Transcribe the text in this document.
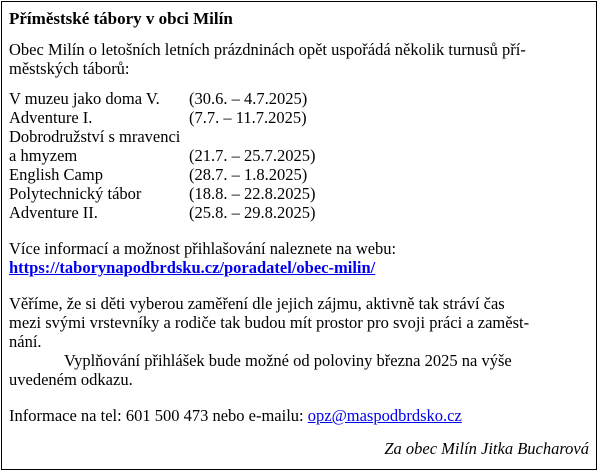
Příměstské tábory v obci Milín
Obec Milín o letošních letních prázdninách opět uspořádá několik turnusů pří-
městských táborů:
V muzeu jako doma V.	(30.6. – 4.7.2025)
Adventure I.	(7.7. – 11.7.2025)
Dobrodružství s mravenci
a hmyzem	(21.7. – 25.7.2025)
English Camp	(28.7. – 1.8.2025)
Polytechnický tábor	(18.8. – 22.8.2025)
Adventure II.	(25.8. – 29.8.2025)
Více informací a možnost přihlašování naleznete na webu:
https://taborynapodbrdsku.cz/poradatel/obec-milin/
Věříme, že si děti vyberou zaměření dle jejich zájmu, aktivně tak stráví čas
mezi svými vrstevníky a rodiče tak budou mít prostor pro svoji práci a zaměst-
nání.
Vyplňování přihlášek bude možné od poloviny března 2025 na výše
uvedeném odkazu.
Informace na tel: 601 500 473 nebo e-mailu: opz@maspodbrdsko.cz
Za obec Milín Jitka Bucharová
